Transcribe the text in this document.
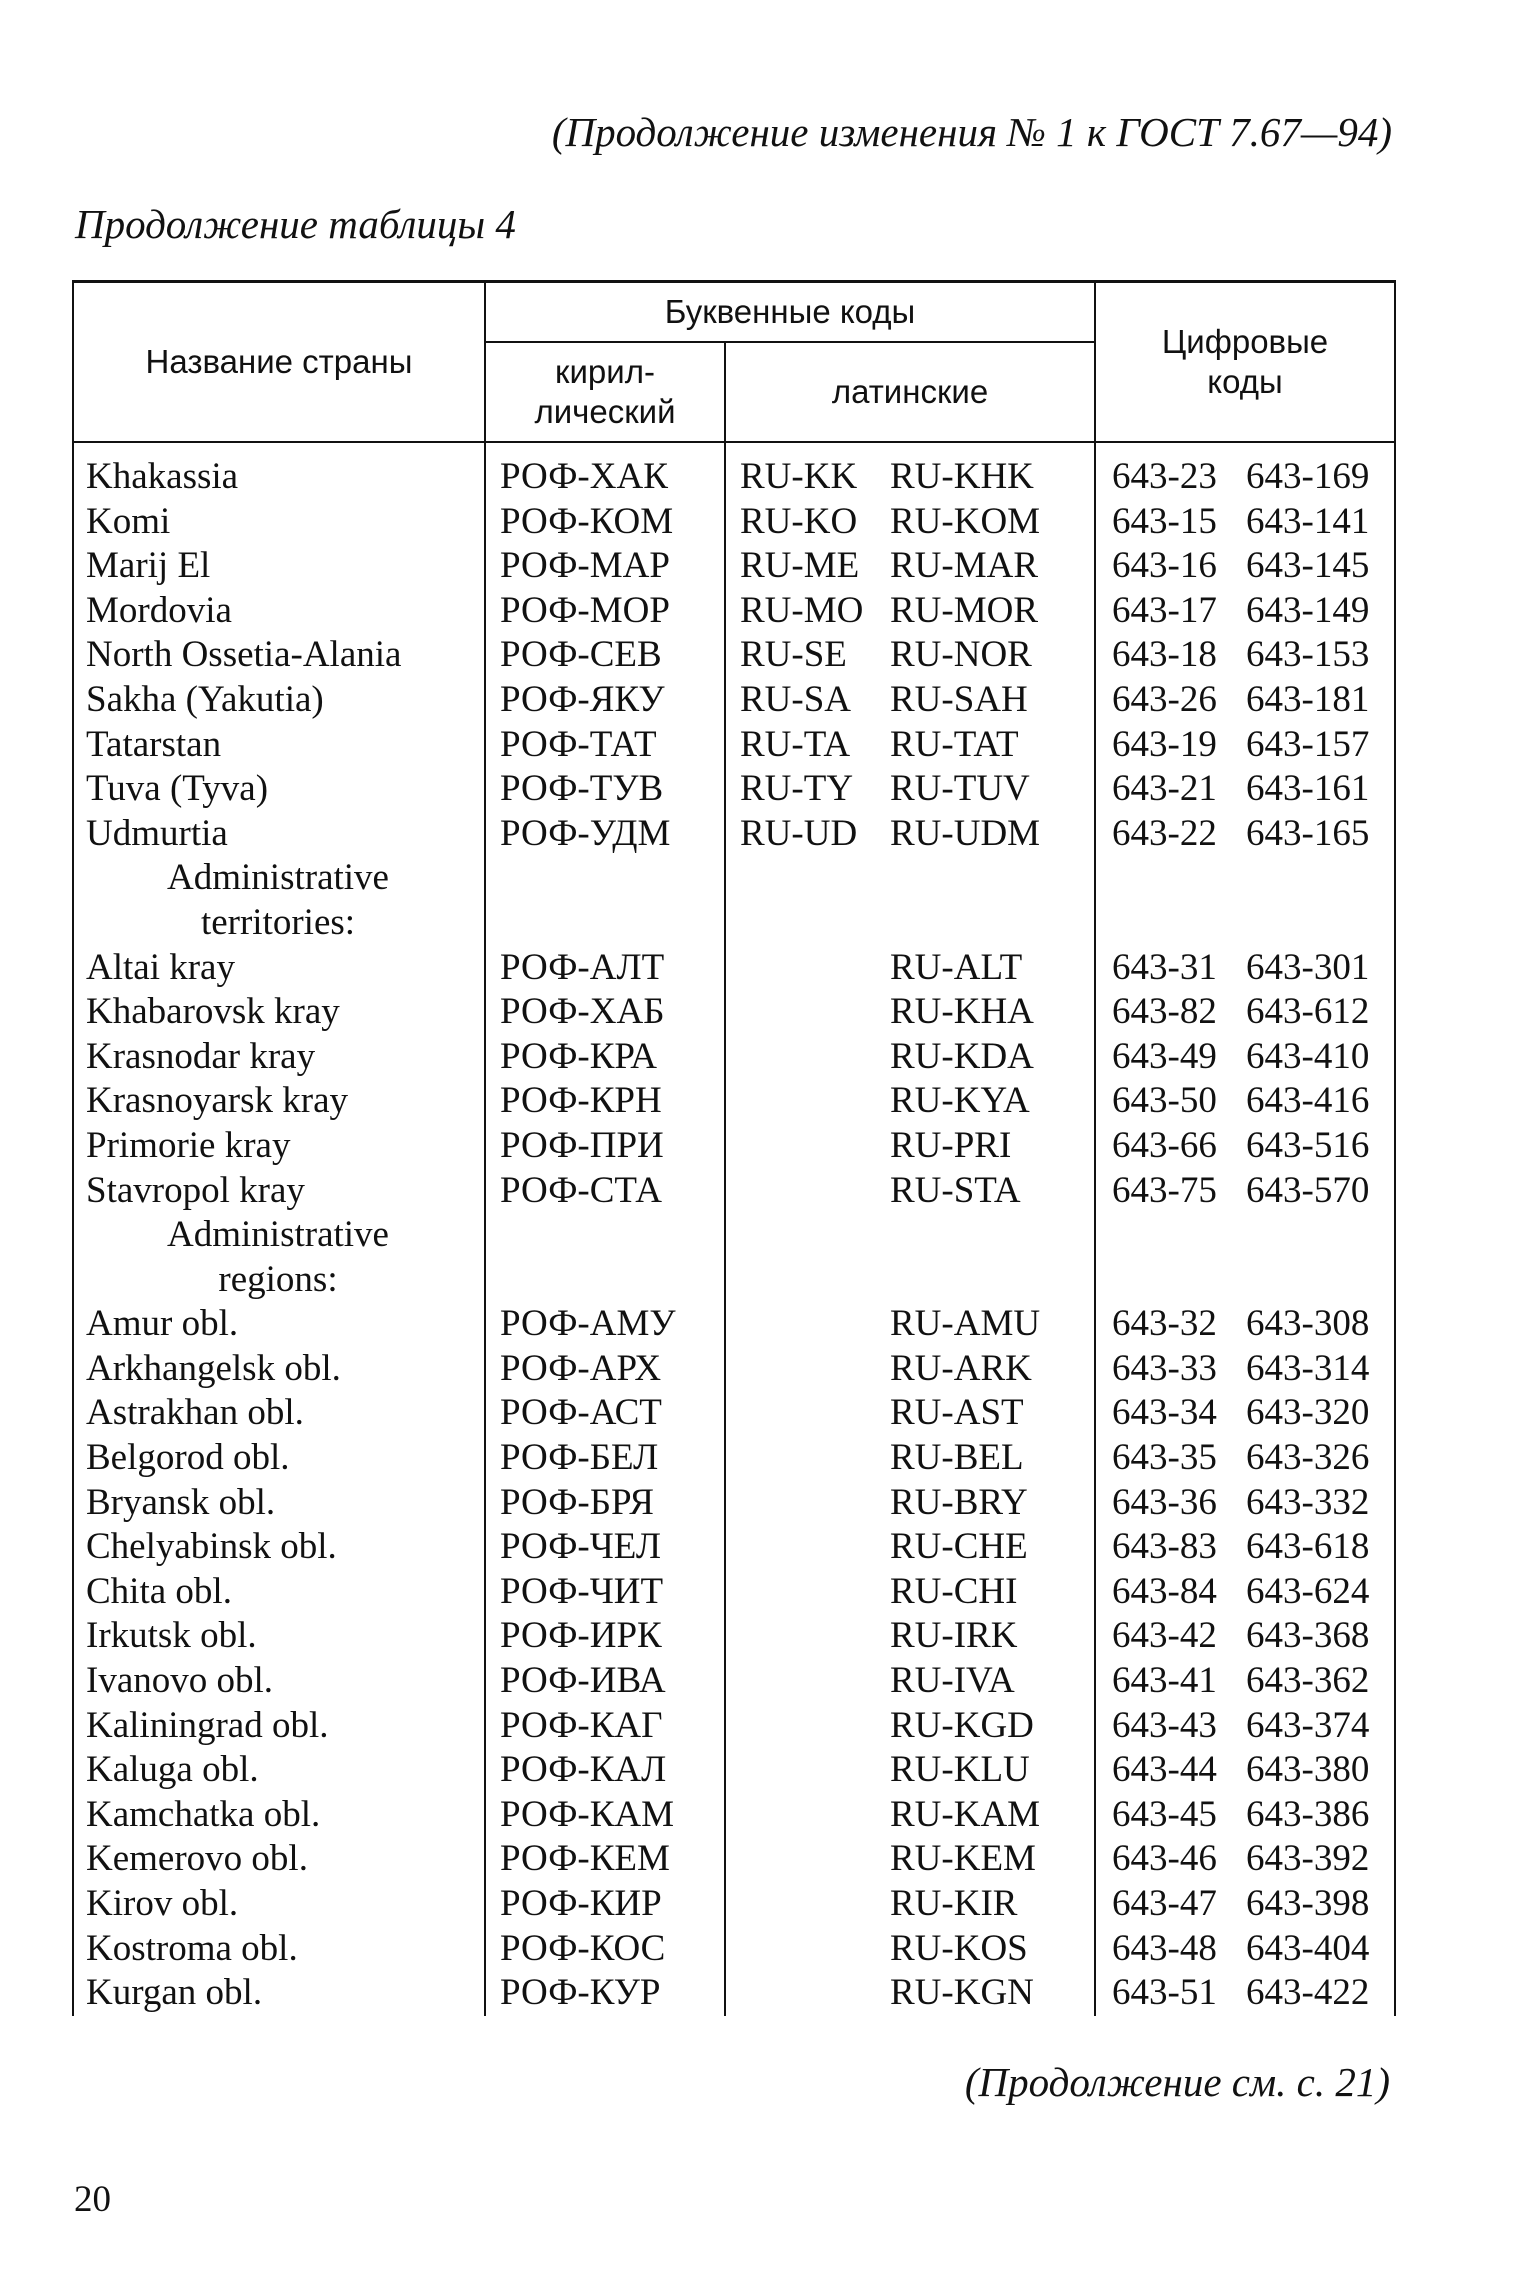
(Продолжение изменения № 1 к ГОСТ 7.67—94)
Продолжение таблицы 4
Название страны	Буквенные коды		Цифровые
коды
	кирил-
лический	латинские	
Khakassia	РОФ-ХАК	RU-KK RU-KHK	643-23 643-169
Komi	РОФ-КОМ	RU-KO RU-KOM	643-15 643-141
Marij El	РОФ-МАР	RU-ME RU-MAR	643-16 643-145
Mordovia	РОФ-МОР	RU-MO RU-MOR	643-17 643-149
North Ossetia-Alania	РОФ-СЕВ	RU-SE RU-NOR	643-18 643-153
Sakha (Yakutia)	РОФ-ЯКУ	RU-SA RU-SAH	643-26 643-181
Tatarstan	РОФ-ТАТ	RU-TA RU-TAT	643-19 643-157
Tuva (Tyva)	РОФ-ТУВ	RU-TY RU-TUV	643-21 643-161
Udmurtia	РОФ-УДМ	RU-UD RU-UDM	643-22 643-165
Administrative			
territories:			
Altai kray	РОФ-АЛТ	RU-ALT	643-31 643-301
Khabarovsk kray	РОФ-ХАБ	RU-KHA	643-82 643-612
Krasnodar kray	РОФ-КРА	RU-KDA	643-49 643-410
Krasnoyarsk kray	РОФ-КРН	RU-KYA	643-50 643-416
Primorie kray	РОФ-ПРИ	RU-PRI	643-66 643-516
Stavropol kray	РОФ-СТА	RU-STA	643-75 643-570
Administrative			
regions:			
Amur obl.	РОФ-АМУ	RU-AMU	643-32 643-308
Arkhangelsk obl.	РОФ-АРХ	RU-ARK	643-33 643-314
Astrakhan obl.	РОФ-АСТ	RU-AST	643-34 643-320
Belgorod obl.	РОФ-БЕЛ	RU-BEL	643-35 643-326
Bryansk obl.	РОФ-БРЯ	RU-BRY	643-36 643-332
Chelyabinsk obl.	РОФ-ЧЕЛ	RU-CHE	643-83 643-618
Chita obl.	РОФ-ЧИТ	RU-CHI	643-84 643-624
Irkutsk obl.	РОФ-ИРК	RU-IRK	643-42 643-368
Ivanovo obl.	РОФ-ИВА	RU-IVA	643-41 643-362
Kaliningrad obl.	РОФ-КАГ	RU-KGD	643-43 643-374
Kaluga obl.	РОФ-КАЛ	RU-KLU	643-44 643-380
Kamchatka obl.	РОФ-КАМ	RU-KAM	643-45 643-386
Kemerovo obl.	РОФ-КЕМ	RU-KEM	643-46 643-392
Kirov obl.	РОФ-КИР	RU-KIR	643-47 643-398
Kostroma obl.	РОФ-КОС	RU-KOS	643-48 643-404
Kurgan obl.	РОФ-КУР	RU-KGN	643-51 643-422
(Продолжение см. с. 21)
20
